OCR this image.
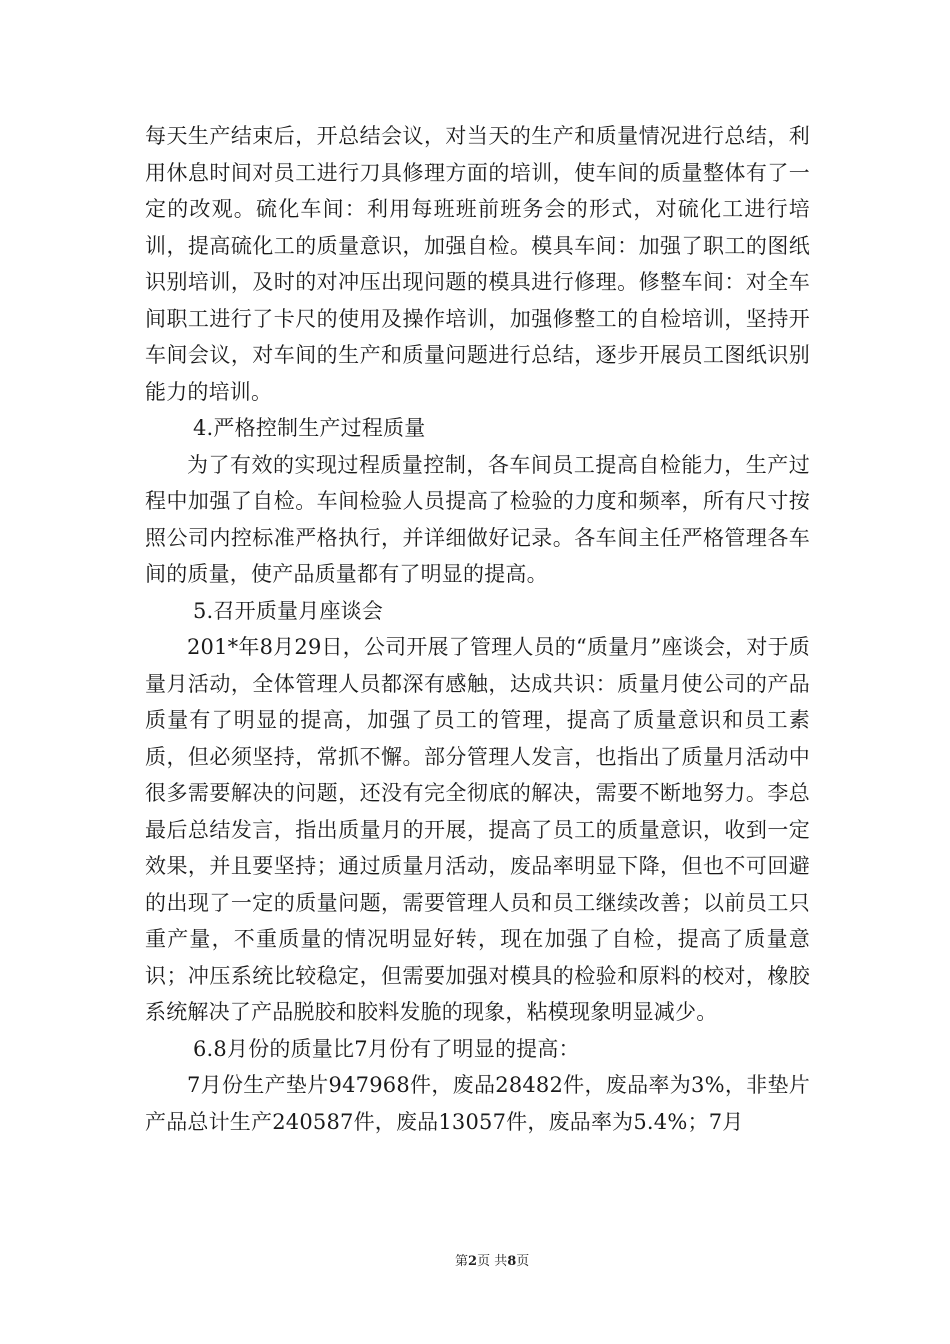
每天生产结束后，开总结会议，对当天的生产和质量情况进行总结，利用休息时间对员工进行刀具修理方面的培训，使车间的质量整体有了一定的改观。硫化车间：利用每班班前班务会的形式，对硫化工进行培训，提高硫化工的质量意识，加强自检。模具车间：加强了职工的图纸识别培训，及时的对冲压出现问题的模具进行修理。修整车间：对全车间职工进行了卡尺的使用及操作培训，加强修整工的自检培训，坚持开车间会议，对车间的生产和质量问题进行总结，逐步开展员工图纸识别能力的培训。

4.严格控制生产过程质量

为了有效的实现过程质量控制，各车间员工提高自检能力，生产过程中加强了自检。车间检验人员提高了检验的力度和频率，所有尺寸按照公司内控标准严格执行，并详细做好记录。各车间主任严格管理各车间的质量，使产品质量都有了明显的提高。

5.召开质量月座谈会

201*年8月29日，公司开展了管理人员的“质量月”座谈会，对于质量月活动，全体管理人员都深有感触，达成共识：质量月使公司的产品质量有了明显的提高，加强了员工的管理，提高了质量意识和员工素质，但必须坚持，常抓不懈。部分管理人发言，也指出了质量月活动中很多需要解决的问题，还没有完全彻底的解决，需要不断地努力。李总最后总结发言，指出质量月的开展，提高了员工的质量意识，收到一定效果，并且要坚持；通过质量月活动，废品率明显下降，但也不可回避的出现了一定的质量问题，需要管理人员和员工继续改善；以前员工只重产量，不重质量的情况明显好转，现在加强了自检，提高了质量意识；冲压系统比较稳定，但需要加强对模具的检验和原料的校对，橡胶系统解决了产品脱胶和胶料发脆的现象，粘模现象明显减少。

6.8月份的质量比7月份有了明显的提高：

7月份生产垫片947968件，废品28482件，废品率为3%，非垫片产品总计生产240587件，废品13057件，废品率为5.4%；7月

第2页 共8页
